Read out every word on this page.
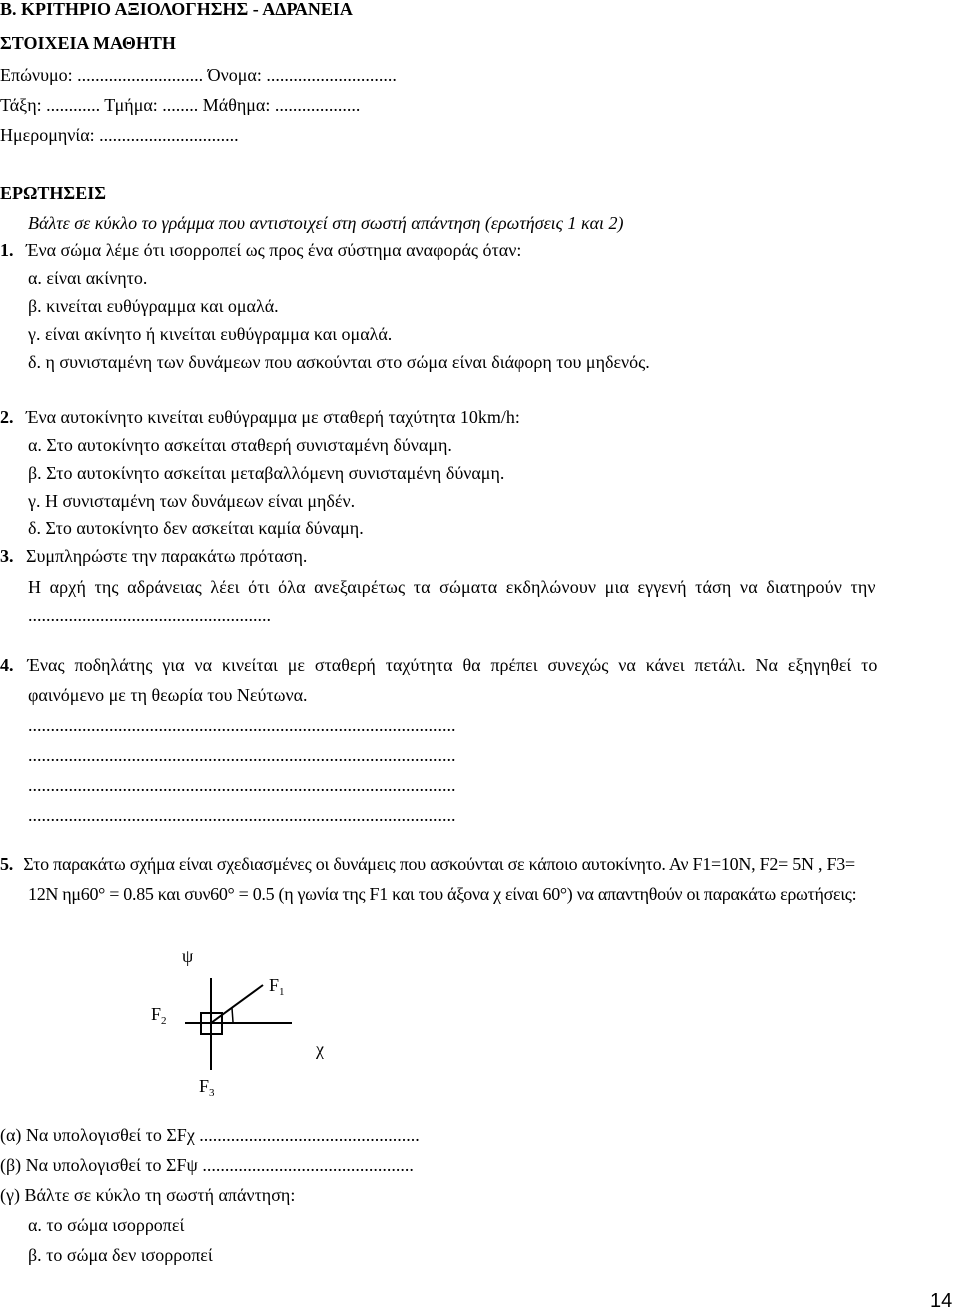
Β. ΚΡΙΤΗΡΙΟ ΑΞΙΟΛΟΓΗΣΗΣ - ΑΔΡΑΝΕΙΑ
ΣΤΟΙΧΕΙΑ ΜΑΘΗΤΗ
Επώνυμο: ............................ Όνομα: .............................
Τάξη: ............ Τμήμα: ........ Μάθημα: ...................
Ημερομηνία: ...............................
ΕΡΩΤΗΣΕΙΣ
Βάλτε σε κύκλο το γράμμα που αντιστοιχεί στη σωστή απάντηση (ερωτήσεις 1 και 2)
1. Ένα σώμα λέμε ότι ισορροπεί ως προς ένα σύστημα αναφοράς όταν:
α. είναι ακίνητο.
β. κινείται ευθύγραμμα και ομαλά.
γ. είναι ακίνητο ή κινείται ευθύγραμμα και ομαλά.
δ. η συνισταμένη των δυνάμεων που ασκούνται στο σώμα είναι διάφορη του μηδενός.
2. Ένα αυτοκίνητο κινείται ευθύγραμμα με σταθερή ταχύτητα 10km/h:
α. Στο αυτοκίνητο ασκείται σταθερή συνισταμένη δύναμη.
β. Στο αυτοκίνητο ασκείται μεταβαλλόμενη συνισταμένη δύναμη.
γ. Η συνισταμένη των δυνάμεων είναι μηδέν.
δ. Στο αυτοκίνητο δεν ασκείται καμία δύναμη.
3. Συμπληρώστε την παρακάτω πρόταση.
Η αρχή της αδράνειας λέει ότι όλα ανεξαιρέτως τα σώματα εκδηλώνουν μια εγγενή τάση να διατηρούν την
......................................................
4. Ένας ποδηλάτης για να κινείται με σταθερή ταχύτητα θα πρέπει συνεχώς να κάνει πετάλι. Να εξηγηθεί το
φαινόμενο με τη θεωρία του Νεύτωνα.
...............................................................................................
...............................................................................................
...............................................................................................
...............................................................................................
5. Στο παρακάτω σχήμα είναι σχεδιασμένες οι δυνάμεις που ασκούνται σε κάποιο αυτοκίνητο. Αν F1=10N, F2= 5N , F3=
12N ημ60° = 0.85 και συν60° = 0.5 (η γωνία της F1 και του άξονα χ είναι 60°) να απαντηθούν οι παρακάτω ερωτήσεις:
ψ
χ
$F_1$
$F_2$
$F_3$
(α) Να υπολογισθεί το ΣFχ .................................................
(β) Να υπολογισθεί το ΣFψ ...............................................
(γ) Βάλτε σε κύκλο τη σωστή απάντηση:
α. το σώμα ισορροπεί
β. το σώμα δεν ισορροπεί
14
